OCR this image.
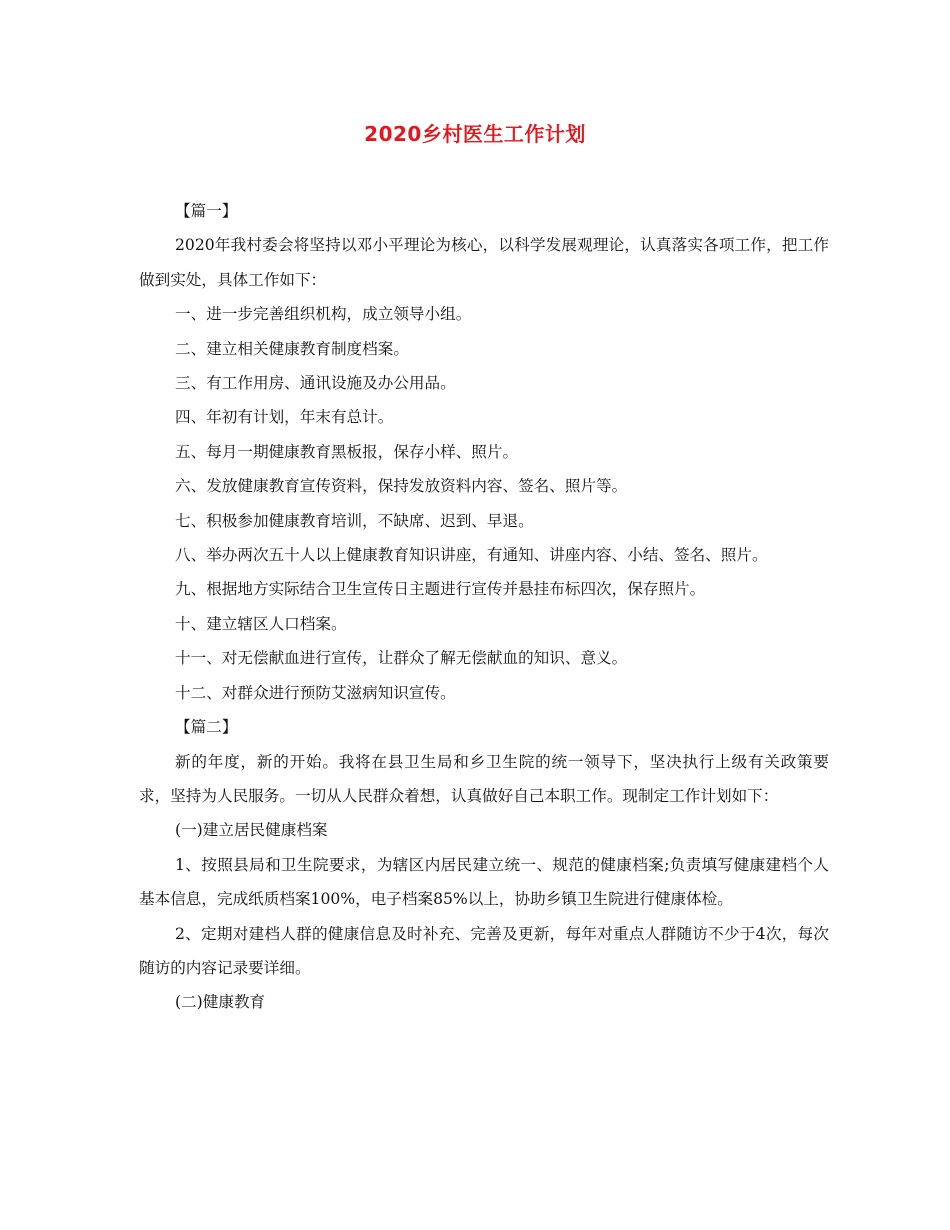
2020乡村医生工作计划

【篇一】

2020年我村委会将坚持以邓小平理论为核心，以科学发展观理论，认真落实各项工作，把工作做到实处，具体工作如下：

一、进一步完善组织机构，成立领导小组。

二、建立相关健康教育制度档案。

三、有工作用房、通讯设施及办公用品。

四、年初有计划，年末有总计。

五、每月一期健康教育黑板报，保存小样、照片。

六、发放健康教育宣传资料，保持发放资料内容、签名、照片等。

七、积极参加健康教育培训，不缺席、迟到、早退。

八、举办两次五十人以上健康教育知识讲座，有通知、讲座内容、小结、签名、照片。

九、根据地方实际结合卫生宣传日主题进行宣传并悬挂布标四次，保存照片。

十、建立辖区人口档案。

十一、对无偿献血进行宣传，让群众了解无偿献血的知识、意义。

十二、对群众进行预防艾滋病知识宣传。

【篇二】

新的年度，新的开始。我将在县卫生局和乡卫生院的统一领导下，坚决执行上级有关政策要求，坚持为人民服务。一切从人民群众着想，认真做好自己本职工作。现制定工作计划如下：

(一)建立居民健康档案

1、按照县局和卫生院要求，为辖区内居民建立统一、规范的健康档案;负责填写健康建档个人基本信息，完成纸质档案100%，电子档案85%以上，协助乡镇卫生院进行健康体检。

2、定期对建档人群的健康信息及时补充、完善及更新，每年对重点人群随访不少于4次，每次随访的内容记录要详细。

(二)健康教育
